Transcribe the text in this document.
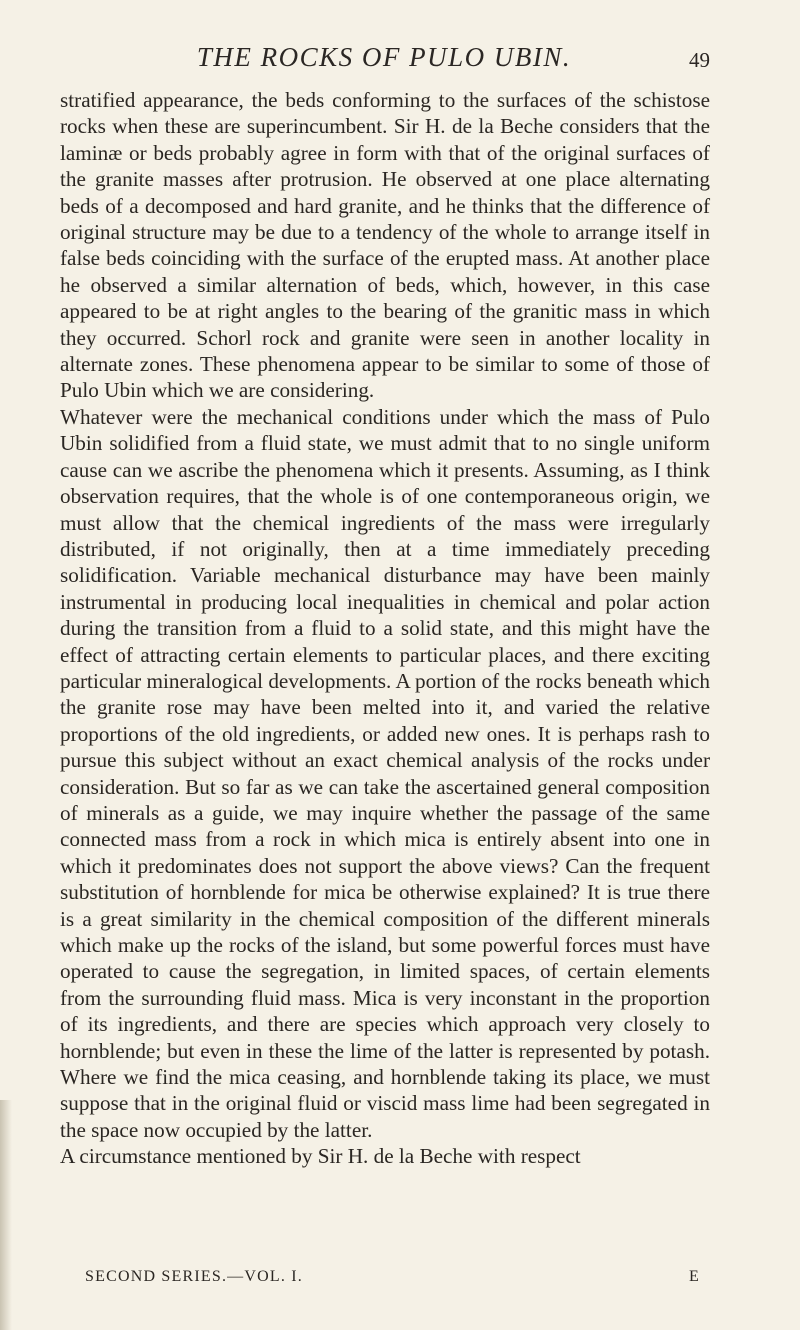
THE ROCKS OF PULO UBIN.	49

stratified appearance, the beds conforming to the surfaces of the schistose rocks when these are superincumbent. Sir H. de la Beche considers that the laminæ or beds probably agree in form with that of the original surfaces of the granite masses after protrusion. He observed at one place alternating beds of a decomposed and hard granite, and he thinks that the difference of original structure may be due to a tendency of the whole to arrange itself in false beds coinciding with the surface of the erupted mass. At another place he observed a similar alternation of beds, which, however, in this case appeared to be at right angles to the bearing of the granitic mass in which they occurred. Schorl rock and granite were seen in another locality in alternate zones. These phenomena appear to be similar to some of those of Pulo Ubin which we are considering.

Whatever were the mechanical conditions under which the mass of Pulo Ubin solidified from a fluid state, we must admit that to no single uniform cause can we ascribe the phenomena which it presents. Assuming, as I think observation requires, that the whole is of one contemporaneous origin, we must allow that the chemical ingredients of the mass were irregularly distributed, if not originally, then at a time immediately preceding solidification. Variable mechanical disturbance may have been mainly instrumental in producing local inequalities in chemical and polar action during the transition from a fluid to a solid state, and this might have the effect of attracting certain elements to particular places, and there exciting particular mineralogical developments. A portion of the rocks beneath which the granite rose may have been melted into it, and varied the relative proportions of the old ingredients, or added new ones. It is perhaps rash to pursue this subject without an exact chemical analysis of the rocks under consideration. But so far as we can take the ascertained general composition of minerals as a guide, we may inquire whether the passage of the same connected mass from a rock in which mica is entirely absent into one in which it predominates does not support the above views? Can the frequent substitution of hornblende for mica be otherwise explained? It is true there is a great similarity in the chemical composition of the different minerals which make up the rocks of the island, but some powerful forces must have operated to cause the segregation, in limited spaces, of certain elements from the surrounding fluid mass. Mica is very inconstant in the proportion of its ingredients, and there are species which approach very closely to hornblende; but even in these the lime of the latter is represented by potash. Where we find the mica ceasing, and hornblende taking its place, we must suppose that in the original fluid or viscid mass lime had been segregated in the space now occupied by the latter.

A circumstance mentioned by Sir H. de la Beche with respect

SECOND SERIES.—VOL. I.	E
